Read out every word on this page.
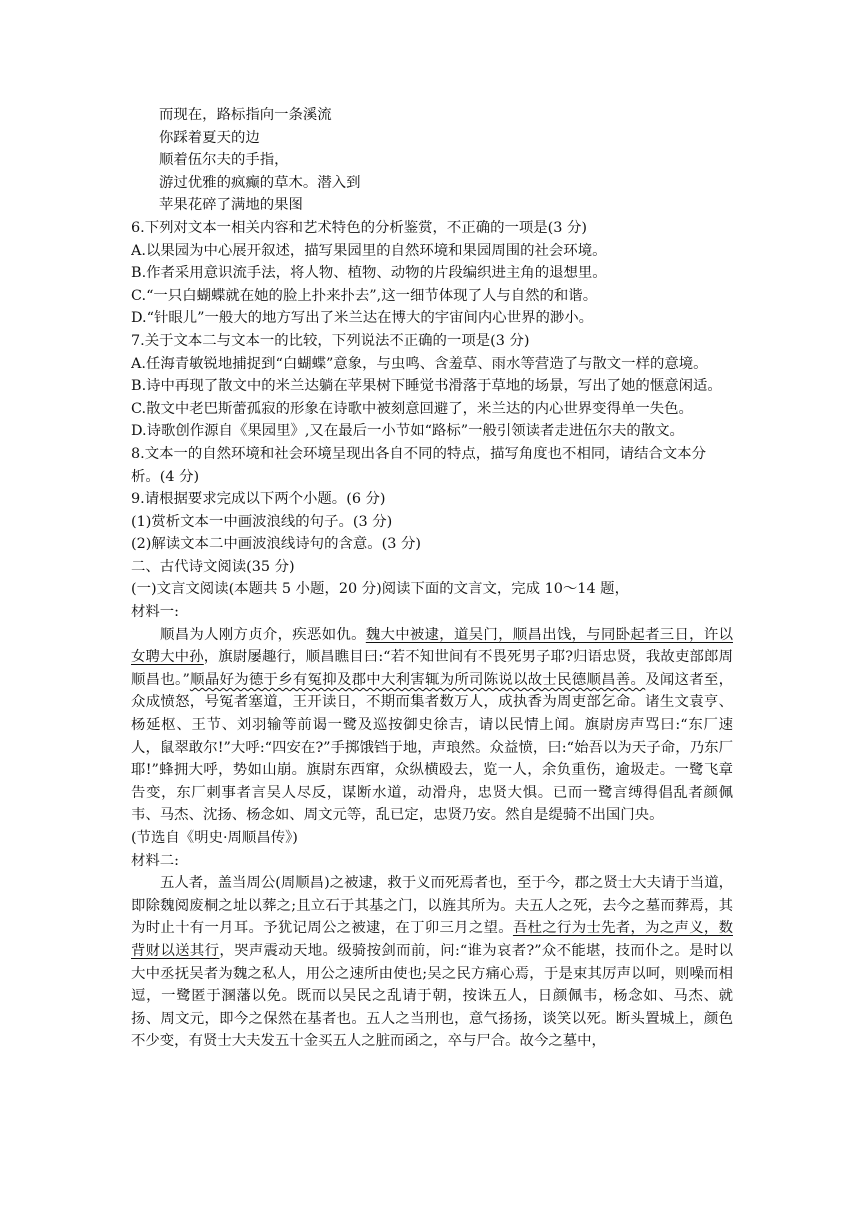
而现在，路标指向一条溪流
你踩着夏天的边
顺着伍尔夫的手指，
游过优雅的疯癫的草木。潜入到
苹果花碎了满地的果图
6.下列对文本一相关内容和艺术特色的分析鉴赏，不正确的一项是(3 分)
A.以果园为中心展开叙述，描写果园里的自然环境和果园周围的社会环境。
B.作者采用意识流手法，将人物、植物、动物的片段编织进主角的退想里。
C.“一只白蝴蝶就在她的脸上扑来扑去”,这一细节体现了人与自然的和谐。
D.“针眼儿”一般大的地方写出了米兰达在博大的宇宙间内心世界的渺小。
7.关于文本二与文本一的比较，下列说法不正确的一项是(3 分)
A.任海青敏锐地捕捉到“白蝴蝶”意象，与虫鸣、含羞草、雨水等营造了与散文一样的意境。
B.诗中再现了散文中的米兰达躺在苹果树下睡觉书滑落于草地的场景，写出了她的惬意闲适。
C.散文中老巴斯蕾孤寂的形象在诗歌中被刻意回避了，米兰达的内心世界变得单一失色。
D.诗歌创作源自《果园里》,又在最后一小节如“路标”一般引领读者走进伍尔夫的散文。
8.文本一的自然环境和社会环境呈现出各自不同的特点，描写角度也不相同，请结合文本分
析。(4 分)
9.请根据要求完成以下两个小题。(6 分)
(1)赏析文本一中画波浪线的句子。(3 分)
(2)解读文本二中画波浪线诗句的含意。(3 分)
二、古代诗文阅读(35 分)
(一)文言文阅读(本题共 5 小题，20 分)阅读下面的文言文，完成 10～14 题，
材料一:
顺昌为人刚方贞介，疾恶如仇。魏大中被逮，道吴门，顺昌出饯，与同卧起者三日，许以女聘大中孙，旗尉屡趣行，顺昌瞧目曰:“若不知世间有不畏死男子耶?归语忠贤，我故吏部郎周顺昌也。”顺晶好为德于乡有冤抑及郡中大利害辄为所司陈说以故士民德顺昌善。及闻这者至，众成愤怒，号冤者塞道，王开读日，不期而集者数万人，成执香为周吏部乞命。诸生文袁亨、杨延枢、王节、刘羽输等前谒一鹭及巡按御史徐吉，请以民情上闻。旗尉房声骂曰:“东厂速人，鼠翠敢尔!”大呼:“四安在?”手掷饿铛于地，声琅然。众益愤，曰:“始吾以为天子命，乃东厂耶!”蜂拥大呼，势如山崩。旗尉东西窜，众纵横殴去，览一人，余负重伤，逾圾走。一鹭飞章告变，东厂刺事者言吴人尽反，谋断水道，动滑舟，忠贤大惧。已而一鹭言缚得倡乱者颜佩韦、马杰、沈扬、杨念如、周文元等，乱已定，忠贤乃安。然自是缇骑不出国门央。
(节选自《明史·周顺昌传》)
材料二:
五人者，盖当周公(周顺昌)之被逮，救于义而死焉者也，至于今，郡之贤士大夫请于当道，即除魏阅废桐之址以葬之;且立石于其基之门，以旌其所为。夫五人之死，去今之墓而葬焉，其为时止十有一月耳。予犹记周公之被逮，在丁卯三月之望。吾杜之行为士先者，为之声义，数背财以送其行，哭声震动天地。级骑按剑而前，问:“谁为哀者?”众不能堪，技而仆之。是时以大中丞抚吴者为魏之私人，用公之速所由使也;吴之民方痛心焉，于是束其厉声以呵，则噪而相逗，一鹭匿于溷藩以免。既而以吴民之乱请于朝，按诛五人，日颜佩韦，杨念如、马杰、就扬、周文元，即今之保然在基者也。五人之当刑也，意气扬扬，谈笑以死。断头置城上，颜色不少变，有贤士大夫发五十金买五人之脏而函之，卒与尸合。故今之墓中，
